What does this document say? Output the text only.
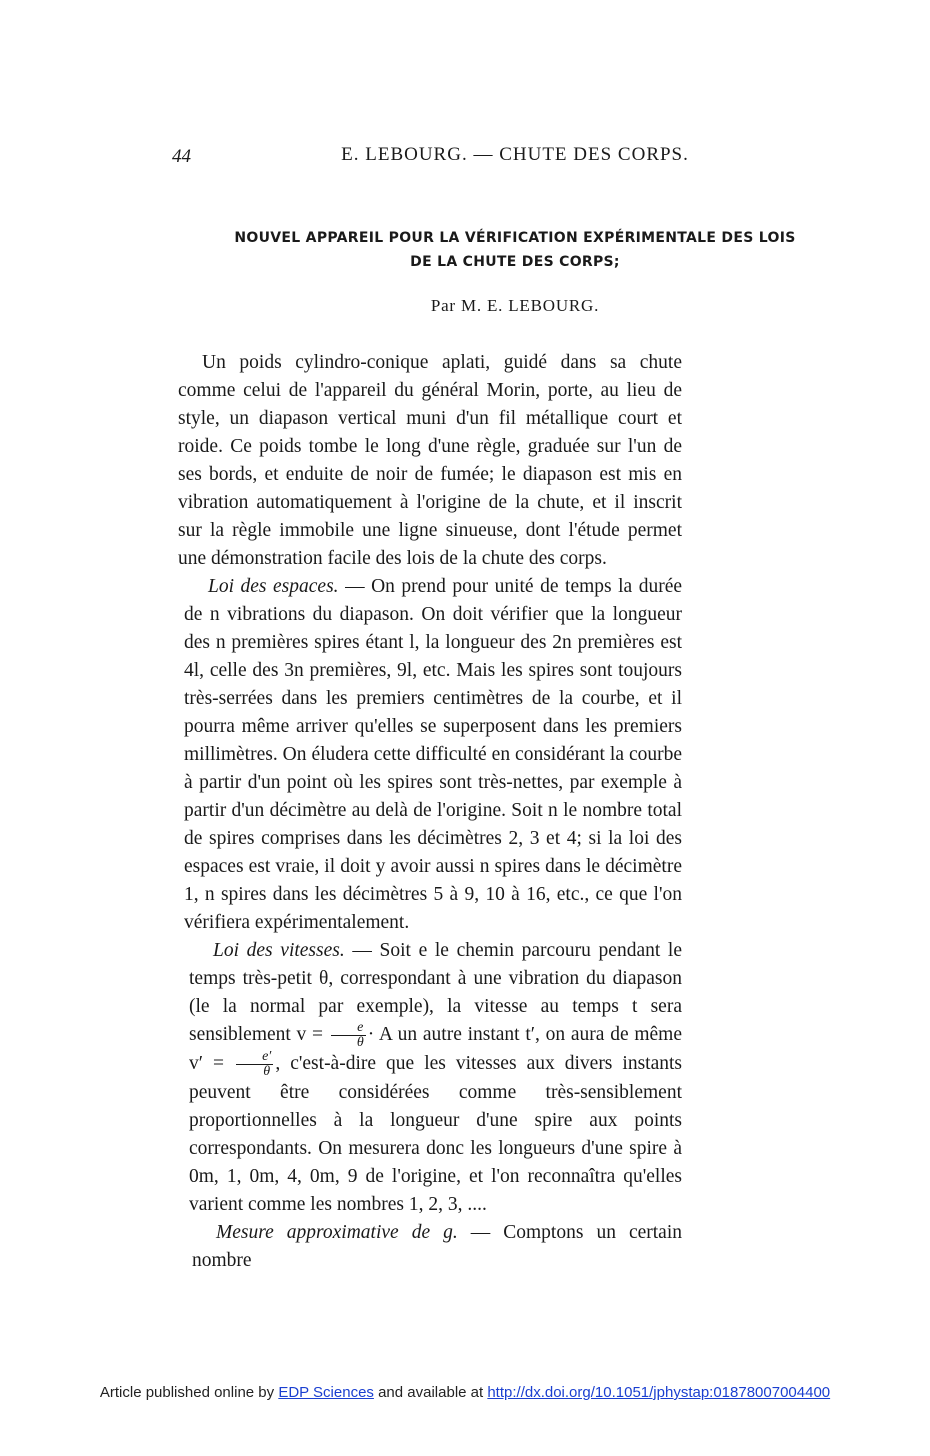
44	E. LEBOURG. — CHUTE DES CORPS.
NOUVEL APPAREIL POUR LA VÉRIFICATION EXPÉRIMENTALE DES LOIS
DE LA CHUTE DES CORPS;
Par M. E. LEBOURG.

Un poids cylindro-conique aplati, guidé dans sa chute comme celui de l'appareil du général Morin, porte, au lieu de style, un diapason vertical muni d'un fil métallique court et roide. Ce poids tombe le long d'une règle, graduée sur l'un de ses bords, et enduite de noir de fumée; le diapason est mis en vibration automatiquement à l'origine de la chute, et il inscrit sur la règle immobile une ligne sinueuse, dont l'étude permet une démonstration facile des lois de la chute des corps.

Loi des espaces. — On prend pour unité de temps la durée de n vibrations du diapason. On doit vérifier que la longueur des n premières spires étant l, la longueur des 2n premières est 4l, celle des 3n premières, 9l, etc. Mais les spires sont toujours très-serrées dans les premiers centimètres de la courbe, et il pourra même arriver qu'elles se superposent dans les premiers millimètres. On éludera cette difficulté en considérant la courbe à partir d'un point où les spires sont très-nettes, par exemple à partir d'un décimètre au delà de l'origine. Soit n le nombre total de spires comprises dans les décimètres 2, 3 et 4; si la loi des espaces est vraie, il doit y avoir aussi n spires dans le décimètre 1, n spires dans les décimètres 5 à 9, 10 à 16, etc., ce que l'on vérifiera expérimentalement.

Loi des vitesses. — Soit e le chemin parcouru pendant le temps très-petit θ, correspondant à une vibration du diapason (le la normal par exemple), la vitesse au temps t sera sensiblement $v = \frac{e}{\theta} \cdot A$ un autre instant t′, on aura de même $v' = \frac{e'}{\theta}$ , c'est-à-dire que les vitesses aux divers instants peuvent être considérées comme très-sensiblement proportionnelles à la longueur d'une spire aux points correspondants. On mesurera donc les longueurs d'une spire à 0m, 1, 0m, 4, 0m, 9 de l'origine, et l'on reconnaîtra qu'elles varient comme les nombres 1, 2, 3, ....

Mesure approximative de g. — Comptons un certain nombre

Article published online by EDP Sciences and available at http://dx.doi.org/10.1051/jphystap:01878007004400
